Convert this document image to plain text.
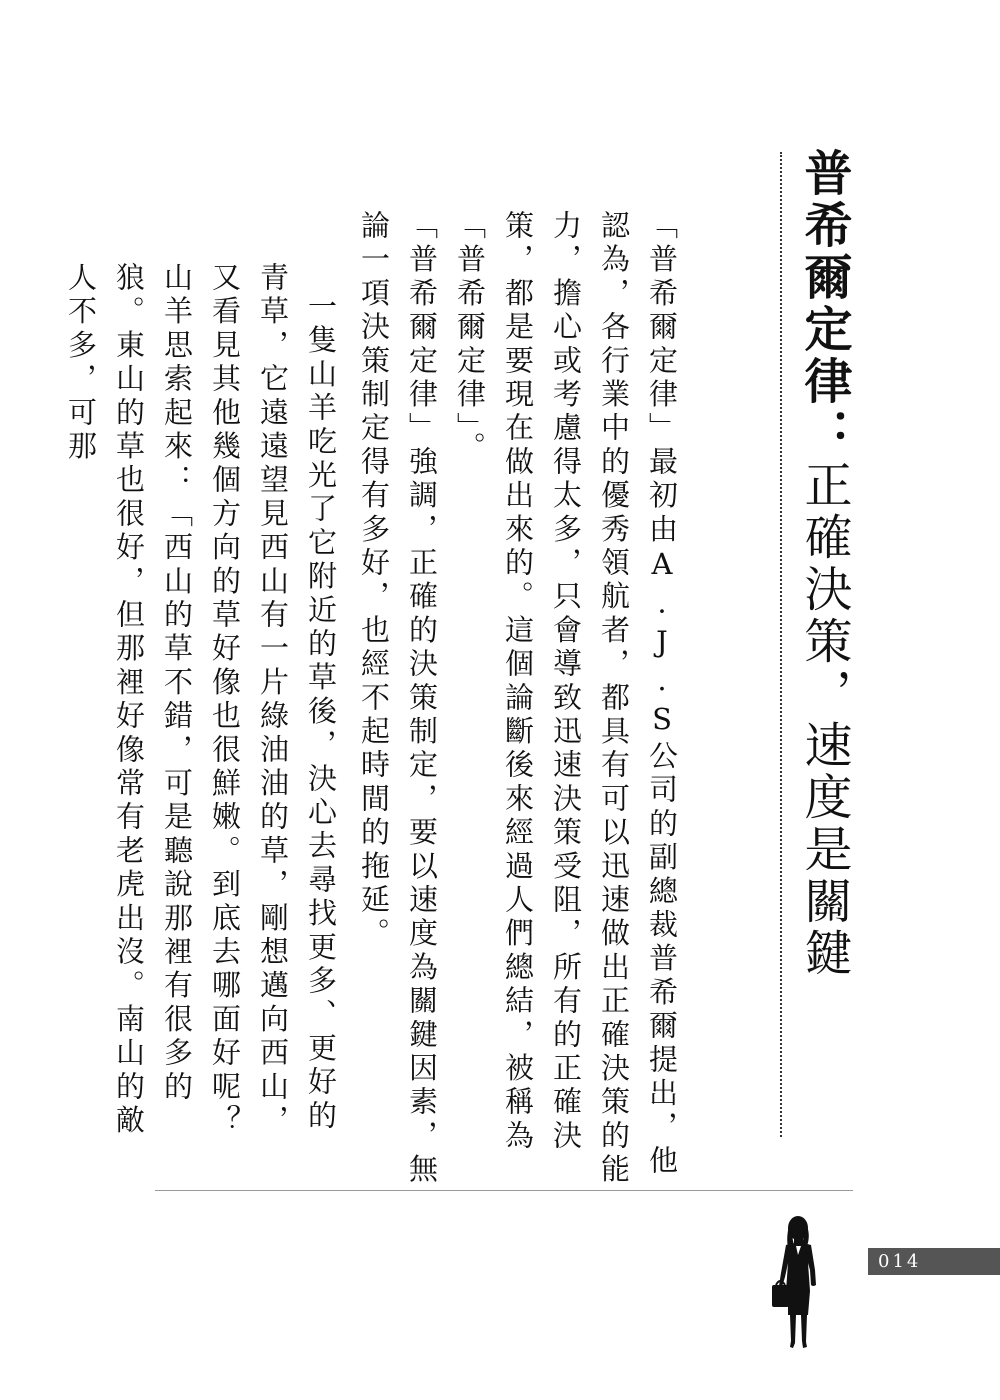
普希爾定律：正確決策，速度是關鍵

「普希爾定律」最初由A.J.S公司的副總裁普希爾提出，他認為，各行業中的優秀領航者，都具有可以迅速做出正確決策的能力，擔心或考慮得太多，只會導致迅速決策受阻，所有的正確決策，都是要現在做出來的。這個論斷後來經過人們總結，被稱為「普希爾定律」。

「普希爾定律」強調，正確的決策制定，要以速度為關鍵因素，無論一項決策制定得有多好，也經不起時間的拖延。

一隻山羊吃光了它附近的草後，決心去尋找更多、更好的青草，它遠遠望見西山有一片綠油油的草，剛想邁向西山，又看見其他幾個方向的草好像也很鮮嫩。到底去哪面好呢？山羊思索起來：「西山的草不錯，可是聽說那裡有很多的狼。東山的草也很好，但那裡好像常有老虎出沒。南山的敵人不多，可那

014
